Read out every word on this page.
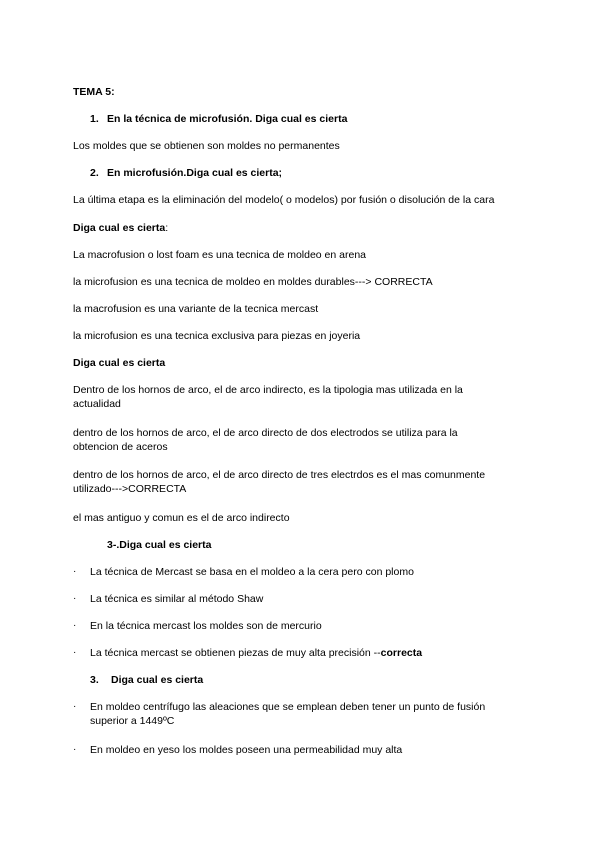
TEMA 5:
1. En la técnica de microfusión. Diga cual es cierta
Los moldes que se obtienen son moldes no permanentes
2. En microfusión.Diga cual es cierta;
La última etapa es la eliminación del modelo( o modelos) por fusión o disolución de la cara
Diga cual es cierta:
La macrofusion o lost foam es una tecnica de moldeo en arena
la microfusion es una tecnica de moldeo en moldes durables---> CORRECTA
la macrofusion es una variante de la tecnica mercast
la microfusion es una tecnica exclusiva para piezas en joyeria
Diga cual es cierta
Dentro de los hornos de arco, el de arco indirecto, es la tipologia mas utilizada en la actualidad
dentro de los hornos de arco, el de arco directo de dos electrodos se utiliza para la obtencion de aceros
dentro de los hornos de arco, el de arco directo de tres electrdos es el mas comunmente utilizado--->CORRECTA
el mas antiguo y comun es el de arco indirecto
3-.Diga cual es cierta
· La técnica de Mercast se basa en el moldeo a la cera pero con plomo
· La técnica es similar al método Shaw
· En la técnica mercast los moldes son de mercurio
· La técnica mercast se obtienen piezas de muy alta precisión --correcta
3. Diga cual es cierta
· En moldeo centrífugo las aleaciones que se emplean deben tener un punto de fusión superior a 1449ºC
· En moldeo en yeso los moldes poseen una permeabilidad muy alta
